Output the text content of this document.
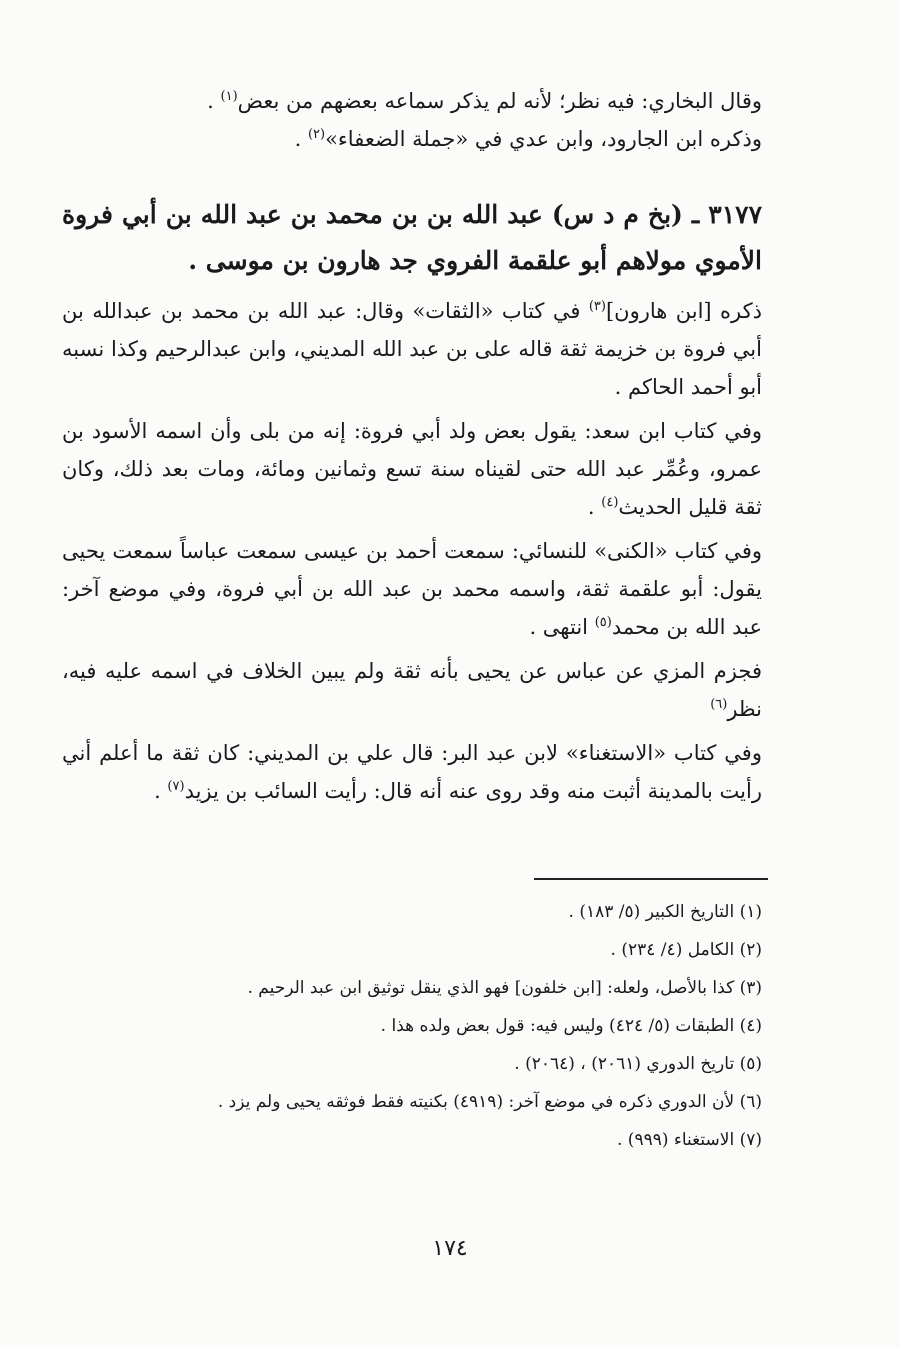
وقال البخاري: فيه نظر؛ لأنه لم يذكر سماعه بعضهم من بعض$^{(١)}$ .

وذكره ابن الجارود، وابن عدي في «جملة الضعفاء»$^{(٢)}$ .

٣١٧٧ ـ (بخ م د س) عبد الله بن بن محمد بن عبد الله بن أبي فروة الأموي مولاهم أبو علقمة الفروي جد هارون بن موسى .

ذكره [ابن هارون]$^{(٣)}$ في كتاب «الثقات» وقال: عبد الله بن محمد بن عبدالله بن أبي فروة بن خزيمة ثقة قاله على بن عبد الله المديني، وابن عبدالرحيم وكذا نسبه أبو أحمد الحاكم .

وفي كتاب ابن سعد: يقول بعض ولد أبي فروة: إنه من بلى وأن اسمه الأسود بن عمرو، وعُمِّر عبد الله حتى لقيناه سنة تسع وثمانين ومائة، ومات بعد ذلك، وكان ثقة قليل الحديث$^{(٤)}$ .

وفي كتاب «الكنى» للنسائي: سمعت أحمد بن عيسى سمعت عباساً سمعت يحيى يقول: أبو علقمة ثقة، واسمه محمد بن عبد الله بن أبي فروة، وفي موضع آخر: عبد الله بن محمد$^{(٥)}$ انتهى .

فجزم المزي عن عباس عن يحيى بأنه ثقة ولم يبين الخلاف في اسمه عليه فيه، نظر$^{(٦)}$

وفي كتاب «الاستغناء» لابن عبد البر: قال علي بن المديني: كان ثقة ما أعلم أني رأيت بالمدينة أثبت منه وقد روى عنه أنه قال: رأيت السائب بن يزيد$^{(٧)}$ .

(١) التاريخ الكبير (٥/ ١٨٣) .

(٢) الكامل (٤/ ٢٣٤) .

(٣) كذا بالأصل، ولعله: [ابن خلفون] فهو الذي ينقل توثيق ابن عبد الرحيم .

(٤) الطبقات (٥/ ٤٢٤) وليس فيه: قول بعض ولده هذا .

(٥) تاريخ الدوري (٢٠٦١) ، (٢٠٦٤) .

(٦) لأن الدوري ذكره في موضع آخر: (٤٩١٩) بكنيته فقط فوثقه يحيى ولم يزد .

(٧) الاستغناء (٩٩٩) .

١٧٤
